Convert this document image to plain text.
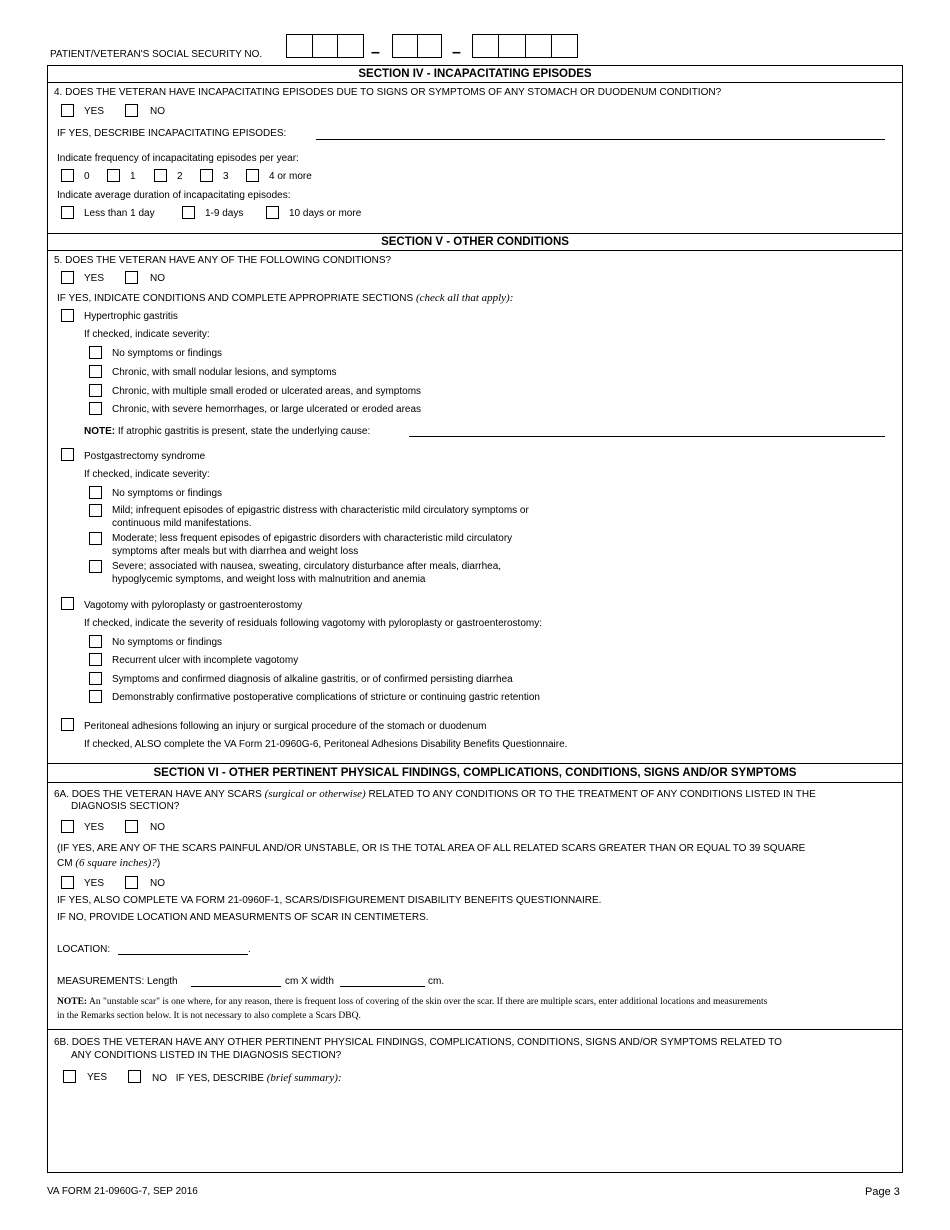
PATIENT/VETERAN'S SOCIAL SECURITY NO.	–	–
SECTION IV - INCAPACITATING EPISODES
4. DOES THE VETERAN HAVE INCAPACITATING EPISODES DUE TO SIGNS OR SYMPTOMS OF ANY STOMACH OR DUODENUM CONDITION?
YES	NO
IF YES, DESCRIBE INCAPACITATING EPISODES:
Indicate frequency of incapacitating episodes per year:
0	1	2	3	4 or more
Indicate average duration of incapacitating episodes:
Less than 1 day	1-9 days	10 days or more
SECTION V - OTHER CONDITIONS
5. DOES THE VETERAN HAVE ANY OF THE FOLLOWING CONDITIONS?
YES	NO
IF YES, INDICATE CONDITIONS AND COMPLETE APPROPRIATE SECTIONS (check all that apply):
Hypertrophic gastritis
If checked, indicate severity:
No symptoms or findings
Chronic, with small nodular lesions, and symptoms
Chronic, with multiple small eroded or ulcerated areas, and symptoms
Chronic, with severe hemorrhages, or large ulcerated or eroded areas
NOTE: If atrophic gastritis is present, state the underlying cause:
Postgastrectomy syndrome
If checked, indicate severity:
No symptoms or findings
Mild; infrequent episodes of epigastric distress with characteristic mild circulatory symptoms or
continuous mild manifestations.
Moderate; less frequent episodes of epigastric disorders with characteristic mild circulatory
symptoms after meals but with diarrhea and weight loss
Severe; associated with nausea, sweating, circulatory disturbance after meals, diarrhea,
hypoglycemic symptoms, and weight loss with malnutrition and anemia
Vagotomy with pyloroplasty or gastroenterostomy
If checked, indicate the severity of residuals following vagotomy with pyloroplasty or gastroenterostomy:
No symptoms or findings
Recurrent ulcer with incomplete vagotomy
Symptoms and confirmed diagnosis of alkaline gastritis, or of confirmed persisting diarrhea
Demonstrably confirmative postoperative complications of stricture or continuing gastric retention
Peritoneal adhesions following an injury or surgical procedure of the stomach or duodenum
If checked, ALSO complete the VA Form 21-0960G-6, Peritoneal Adhesions Disability Benefits Questionnaire.
SECTION VI - OTHER PERTINENT PHYSICAL FINDINGS, COMPLICATIONS, CONDITIONS, SIGNS AND/OR SYMPTOMS
6A. DOES THE VETERAN HAVE ANY SCARS (surgical or otherwise) RELATED TO ANY CONDITIONS OR TO THE TREATMENT OF ANY CONDITIONS LISTED IN THE
DIAGNOSIS SECTION?
YES	NO
(IF YES, ARE ANY OF THE SCARS PAINFUL AND/OR UNSTABLE, OR IS THE TOTAL AREA OF ALL RELATED SCARS GREATER THAN OR EQUAL TO 39 SQUARE
CM (6 square inches)?)
YES	NO
IF YES, ALSO COMPLETE VA FORM 21-0960F-1, SCARS/DISFIGUREMENT DISABILITY BENEFITS QUESTIONNAIRE.
IF NO, PROVIDE LOCATION AND MEASURMENTS OF SCAR IN CENTIMETERS.
LOCATION:	.
MEASUREMENTS: Length	cm X width	cm.
NOTE: An "unstable scar" is one where, for any reason, there is frequent loss of covering of the skin over the scar. If there are multiple scars, enter additional locations and measurements
in the Remarks section below. It is not necessary to also complete a Scars DBQ.
6B. DOES THE VETERAN HAVE ANY OTHER PERTINENT PHYSICAL FINDINGS, COMPLICATIONS, CONDITIONS, SIGNS AND/OR SYMPTOMS RELATED TO
ANY CONDITIONS LISTED IN THE DIAGNOSIS SECTION?
YES	NO IF YES, DESCRIBE (brief summary):
VA FORM 21-0960G-7, SEP 2016	Page 3
